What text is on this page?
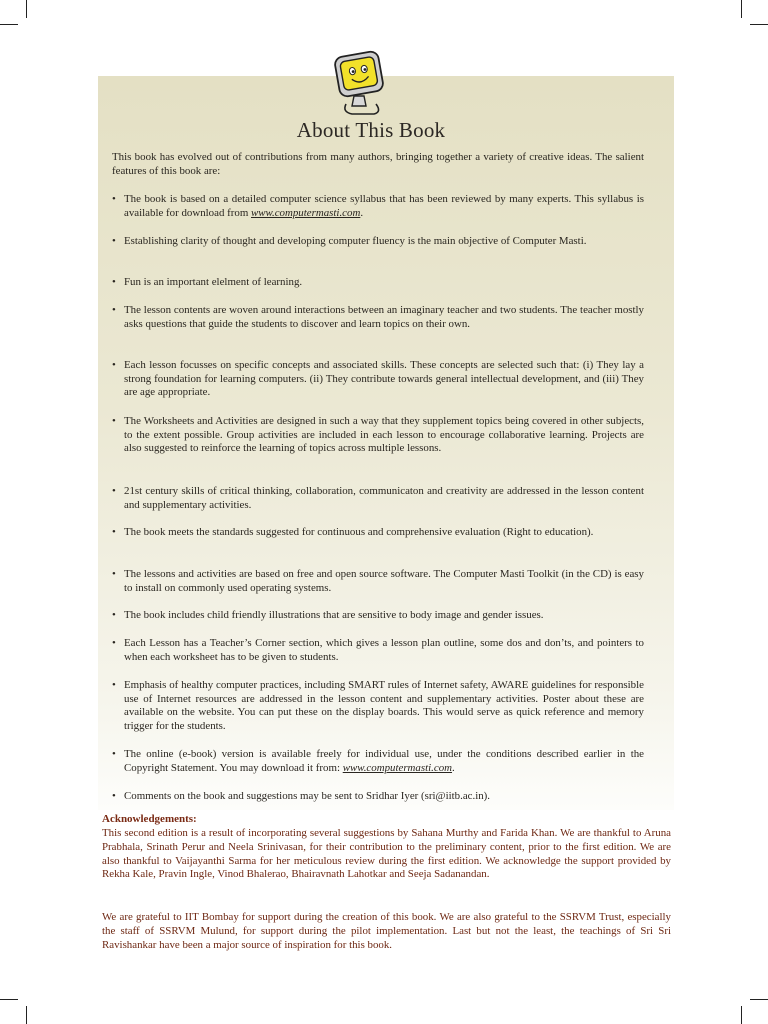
About This Book

This book has evolved out of contributions from many authors, bringing together a variety of creative ideas. The salient features of this book are:

• The book is based on a detailed computer science syllabus that has been reviewed by many experts. This syllabus is available for download from www.computermasti.com.
• Establishing clarity of thought and developing computer fluency is the main objective of Computer Masti.
• Fun is an important elelment of learning.
• The lesson contents are woven around interactions between an imaginary teacher and two students. The teacher mostly asks questions that guide the students to discover and learn topics on their own.
• Each lesson focusses on specific concepts and associated skills. These concepts are selected such that: (i) They lay a strong foundation for learning computers. (ii) They contribute towards general intellectual development, and (iii) They are age appropriate.
• The Worksheets and Activities are designed in such a way that they supplement topics being covered in other subjects, to the extent possible. Group activities are included in each lesson to encourage collaborative learning. Projects are also suggested to reinforce the learning of topics across multiple lessons.
• 21st century skills of critical thinking, collaboration, communicaton and creativity are addressed in the lesson content and supplementary activities.
• The book meets the standards suggested for continuous and comprehensive evaluation (Right to education).
• The lessons and activities are based on free and open source software. The Computer Masti Toolkit (in the CD) is easy to install on commonly used operating systems.
• The book includes child friendly illustrations that are sensitive to body image and gender issues.
• Each Lesson has a Teacher’s Corner section, which gives a lesson plan outline, some dos and don’ts, and pointers to when each worksheet has to be given to students.
• Emphasis of healthy computer practices, including SMART rules of Internet safety, AWARE guidelines for responsible use of Internet resources are addressed in the lesson content and supplementary activities. Poster about these are available on the website. You can put these on the display boards. This would serve as quick reference and memory trigger for the students.
• The online (e-book) version is available freely for individual use, under the conditions described earlier in the Copyright Statement. You may download it from: www.computermasti.com.
• Comments on the book and suggestions may be sent to Sridhar Iyer (sri@iitb.ac.in).
Acknowledgements:

This second edition is a result of incorporating several suggestions by Sahana Murthy and Farida Khan. We are thankful to Aruna Prabhala, Srinath Perur and Neela Srinivasan, for their contribution to the preliminary content, prior to the first edition. We are also thankful to Vaijayanthi Sarma for her meticulous review during the first edition. We acknowledge the support provided by Rekha Kale, Pravin Ingle, Vinod Bhalerao, Bhairavnath Lahotkar and Seeja Sadanandan.

We are grateful to IIT Bombay for support during the creation of this book. We are also grateful to the SSRVM Trust, especially the staff of SSRVM Mulund, for support during the pilot implementation. Last but not the least, the teachings of Sri Sri Ravishankar have been a major source of inspiration for this book.
